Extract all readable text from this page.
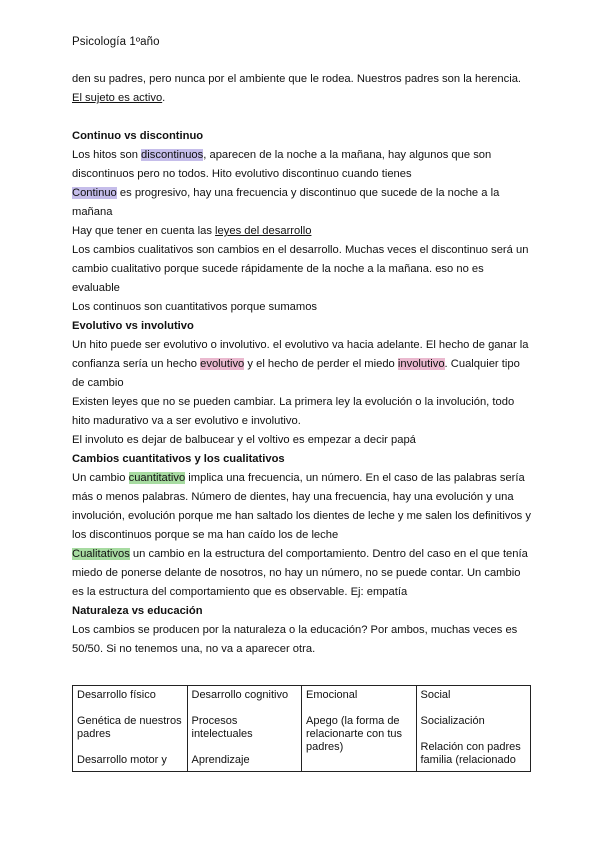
Psicología 1ºaño

den su padres, pero nunca por el ambiente que le rodea. Nuestros padres son la herencia.
El sujeto es activo.

Continuo vs discontinuo

Los hitos son discontinuos, aparecen de la noche a la mañana, hay algunos que son discontinuos pero no todos. Hito evolutivo discontinuo cuando tienes

Continuo es progresivo, hay una frecuencia y discontinuo que sucede de la noche a la mañana

Hay que tener en cuenta las leyes del desarrollo

Los cambios cualitativos son cambios en el desarrollo. Muchas veces el discontinuo será un cambio cualitativo porque sucede rápidamente de la noche a la mañana. eso no es evaluable

Los continuos son cuantitativos porque sumamos

Evolutivo vs involutivo

Un hito puede ser evolutivo o involutivo. el evolutivo va hacia adelante. El hecho de ganar la confianza sería un hecho evolutivo y el hecho de perder el miedo involutivo. Cualquier tipo de cambio

Existen leyes que no se pueden cambiar. La primera ley la evolución o la involución, todo hito madurativo va a ser evolutivo e involutivo.

El involuto es dejar de balbucear y el voltivo es empezar a decir papá

Cambios cuantitativos y los cualitativos

Un cambio cuantitativo implica una frecuencia, un número. En el caso de las palabras sería más o menos palabras. Número de dientes, hay una frecuencia, hay una evolución y una involución, evolución porque me han saltado los dientes de leche y me salen los definitivos y los discontinuos porque se ma han caído los de leche

Cualitativos un cambio en la estructura del comportamiento. Dentro del caso en el que tenía miedo de ponerse delante de nosotros, no hay un número, no se puede contar. Un cambio es la estructura del comportamiento que es observable. Ej: empatía

Naturaleza vs educación

Los cambios se producen por la naturaleza o la educación? Por ambos, muchas veces es 50/50. Si no tenemos una, no va a aparecer otra.

Desarrollo físico
Genética de nuestros padres
Desarrollo motor y

Desarrollo cognitivo
Procesos intelectuales
Aprendizaje

Emocional
Apego (la forma de relacionarte con tus padres)

Social
Socialización
Relación con padres familia (relacionado
